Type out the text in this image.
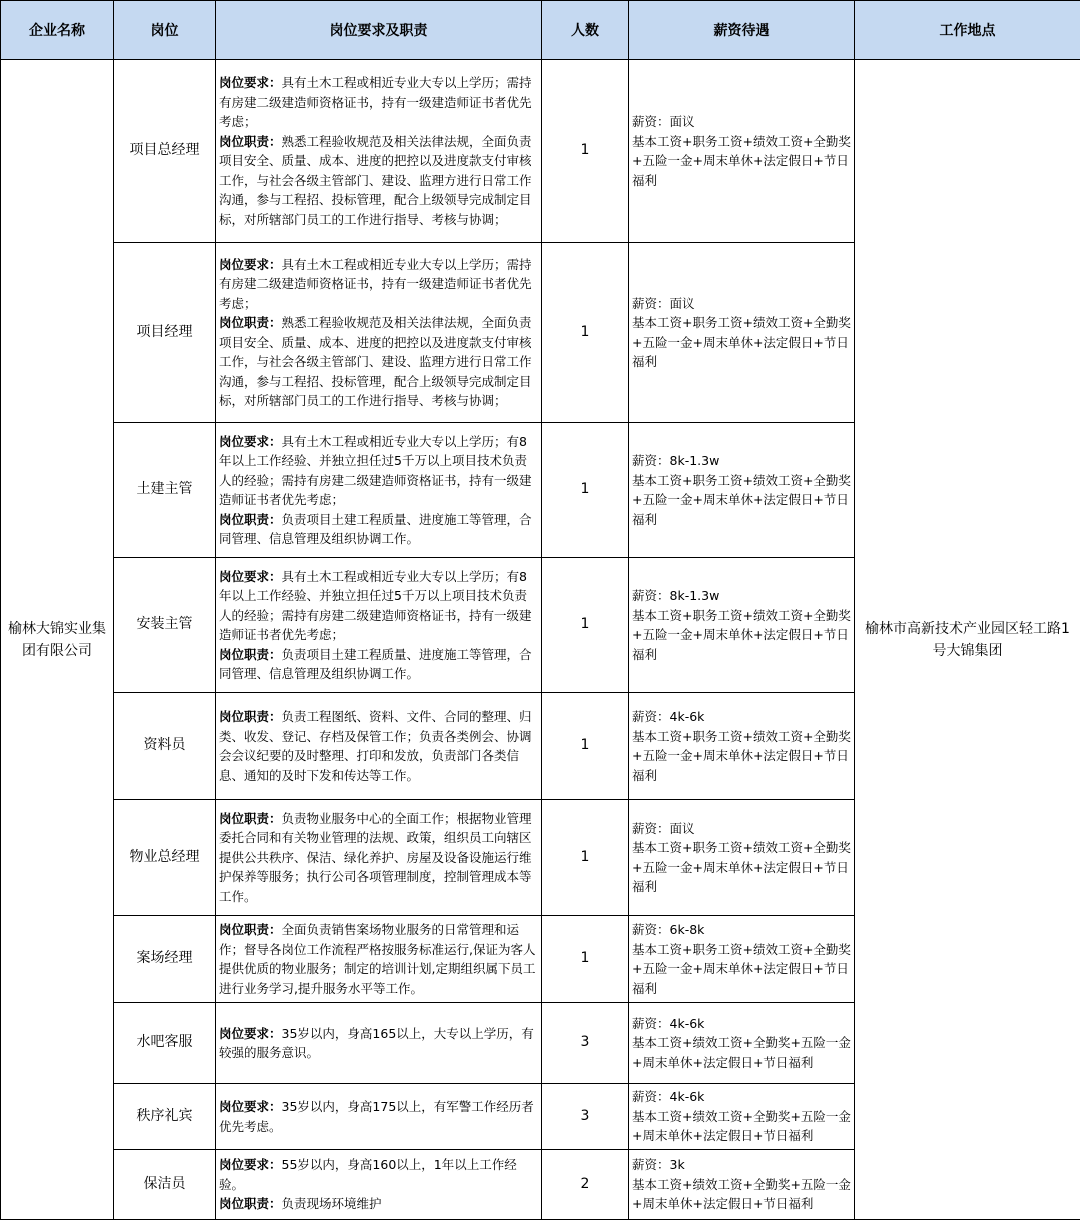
企业名称	岗位	岗位要求及职责	人数	薪资待遇	工作地点
榆林大锦实业集团有限公司	项目总经理	岗位要求：具有土木工程或相近专业大专以上学历；需持有房建二级建造师资格证书，持有一级建造师证书者优先考虑；
岗位职责：熟悉工程验收规范及相关法律法规，全面负责项目安全、质量、成本、进度的把控以及进度款支付审核工作，与社会各级主管部门、建设、监理方进行日常工作沟通，参与工程招、投标管理，配合上级领导完成制定目标，对所辖部门员工的工作进行指导、考核与协调；	1	薪资：面议
基本工资+职务工资+绩效工资+全勤奖+五险一金+周末单休+法定假日+节日福利	榆林市高新技术产业园区轻工路1号大锦集团
	项目经理	岗位要求：具有土木工程或相近专业大专以上学历；需持有房建二级建造师资格证书，持有一级建造师证书者优先考虑；
岗位职责：熟悉工程验收规范及相关法律法规，全面负责项目安全、质量、成本、进度的把控以及进度款支付审核工作，与社会各级主管部门、建设、监理方进行日常工作沟通，参与工程招、投标管理，配合上级领导完成制定目标，对所辖部门员工的工作进行指导、考核与协调；	1	薪资：面议
基本工资+职务工资+绩效工资+全勤奖+五险一金+周末单休+法定假日+节日福利	

	土建主管	岗位要求：具有土木工程或相近专业大专以上学历；有8年以上工作经验、并独立担任过5千万以上项目技术负责人的经验；需持有房建二级建造师资格证书，持有一级建造师证书者优先考虑；
岗位职责：负责项目土建工程质量、进度施工等管理，合同管理、信息管理及组织协调工作。	1	薪资：8k-1.3w
基本工资+职务工资+绩效工资+全勤奖+五险一金+周末单休+法定假日+节日福利	

	安装主管	岗位要求：具有土木工程或相近专业大专以上学历；有8年以上工作经验、并独立担任过5千万以上项目技术负责人的经验；需持有房建二级建造师资格证书，持有一级建造师证书者优先考虑；
岗位职责：负责项目土建工程质量、进度施工等管理，合同管理、信息管理及组织协调工作。	1	薪资：8k-1.3w
基本工资+职务工资+绩效工资+全勤奖+五险一金+周末单休+法定假日+节日福利	

	资料员	岗位职责：负责工程图纸、资料、文件、合同的整理、归类、收发、登记、存档及保管工作；负责各类例会、协调会会议纪要的及时整理、打印和发放，负责部门各类信息、通知的及时下发和传达等工作。	1	薪资：4k-6k
基本工资+职务工资+绩效工资+全勤奖+五险一金+周末单休+法定假日+节日福利	

	物业总经理	岗位职责：负责物业服务中心的全面工作；根据物业管理委托合同和有关物业管理的法规、政策，组织员工向辖区提供公共秩序、保洁、绿化养护、房屋及设备设施运行维护保养等服务；执行公司各项管理制度，控制管理成本等工作。	1	薪资：面议
基本工资+职务工资+绩效工资+全勤奖+五险一金+周末单休+法定假日+节日福利	

	案场经理	岗位职责：全面负责销售案场物业服务的日常管理和运作；督导各岗位工作流程严格按服务标准运行,保证为客人提供优质的物业服务；制定的培训计划,定期组织属下员工进行业务学习,提升服务水平等工作。	1	薪资：6k-8k
基本工资+职务工资+绩效工资+全勤奖+五险一金+周末单休+法定假日+节日福利	

	水吧客服	岗位要求：35岁以内，身高165以上，大专以上学历，有较强的服务意识。	3	薪资：4k-6k
基本工资+绩效工资+全勤奖+五险一金+周末单休+法定假日+节日福利	

	秩序礼宾	岗位要求：35岁以内，身高175以上，有军警工作经历者优先考虑。	3	薪资：4k-6k
基本工资+绩效工资+全勤奖+五险一金+周末单休+法定假日+节日福利	

	保洁员	岗位要求：55岁以内，身高160以上，1年以上工作经验。
岗位职责：负责现场环境维护	2	薪资：3k
基本工资+绩效工资+全勤奖+五险一金+周末单休+法定假日+节日福利	
